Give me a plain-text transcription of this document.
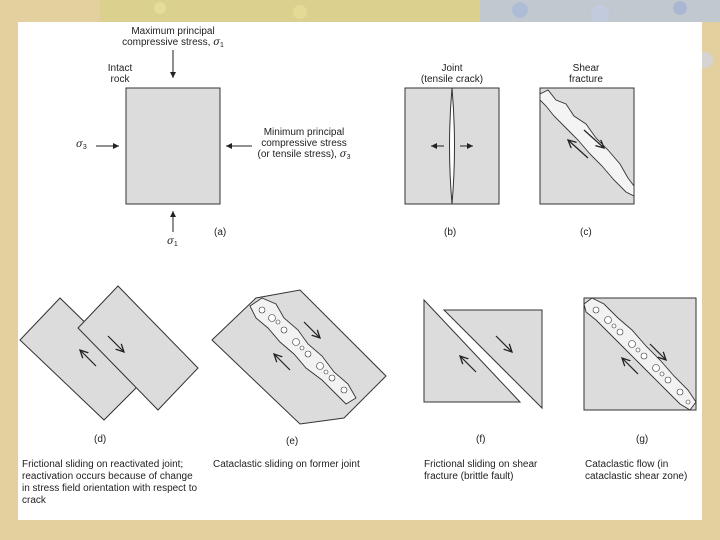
Maximum principal
compressive stress, $\sigma_1$
Intact
rock
$\sigma_3$
Minimum principal
compressive stress
(or tensile stress), $\sigma_3$
$\sigma_1$
(a)
Joint
(tensile crack)
(b)
Shear
fracture
(c)
(d)	(e)	(f)	(g)
Frictional sliding on reactivated joint; reactivation occurs because of change in stress field orientation with respect to crack
Cataclastic sliding on former joint	Frictional sliding on shear fracture (brittle fault)
Cataclastic flow (in cataclastic shear zone)
